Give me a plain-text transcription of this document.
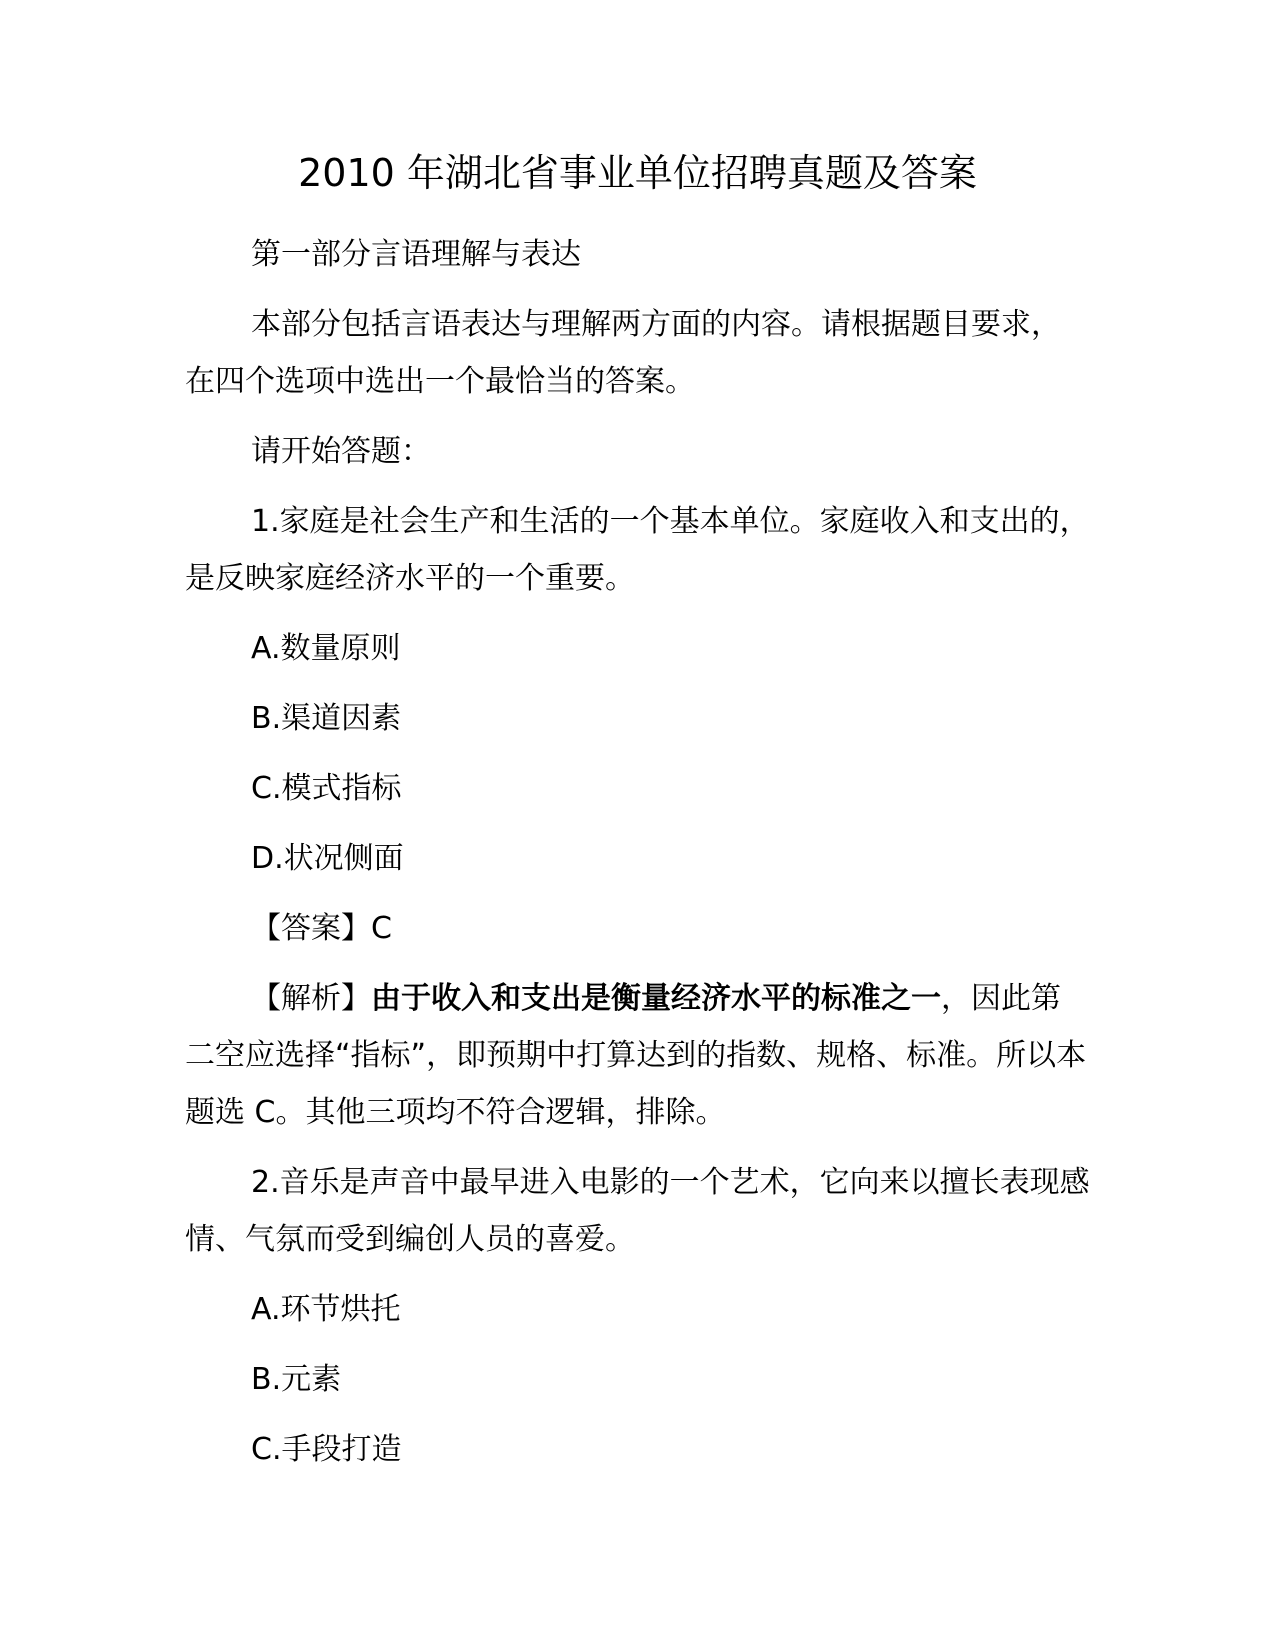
2010 年湖北省事业单位招聘真题及答案

第一部分言语理解与表达

本部分包括言语表达与理解两方面的内容。请根据题目要求，在四个选项中选出一个最恰当的答案。

请开始答题：

1.家庭是社会生产和生活的一个基本单位。家庭收入和支出的，是反映家庭经济水平的一个重要。

A.数量原则

B.渠道因素

C.模式指标

D.状况侧面

【答案】C

【解析】由于收入和支出是衡量经济水平的标准之一，因此第二空应选择“指标”，即预期中打算达到的指数、规格、标准。所以本题选 C。其他三项均不符合逻辑，排除。

2.音乐是声音中最早进入电影的一个艺术，它向来以擅长表现感情、气氛而受到编创人员的喜爱。

A.环节烘托

B.元素

C.手段打造
